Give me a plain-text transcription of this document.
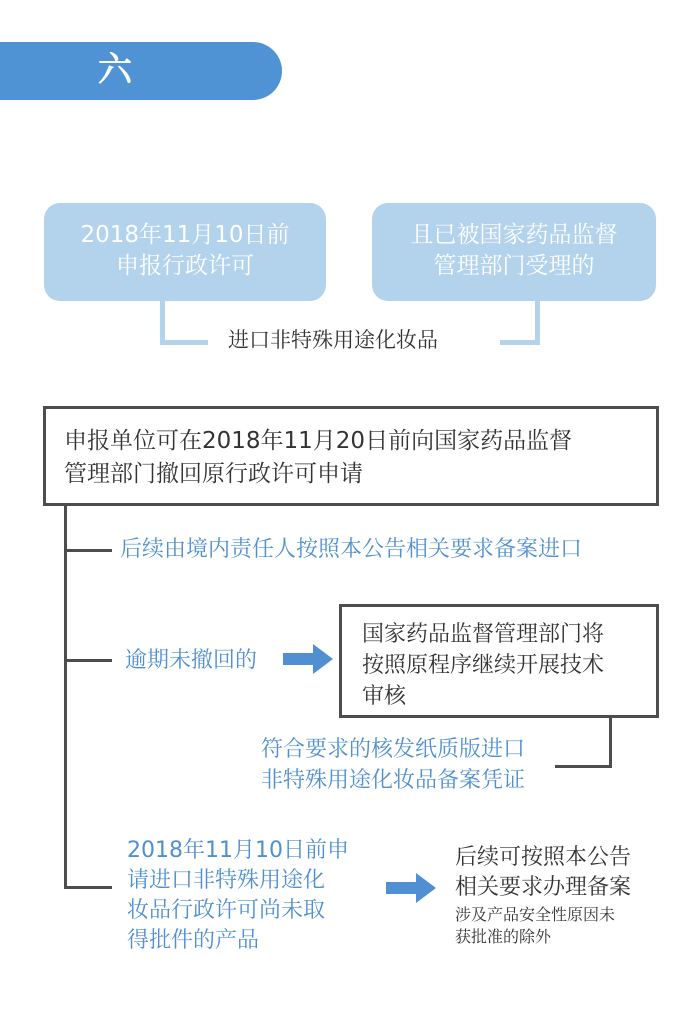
六
2018年11月10日前
申报行政许可
且已被国家药品监督
管理部门受理的
进口非特殊用途化妆品
申报单位可在2018年11月20日前向国家药品监督
管理部门撤回原行政许可申请
后续由境内责任人按照本公告相关要求备案进口
逾期未撤回的
国家药品监督管理部门将
按照原程序继续开展技术
审核
符合要求的核发纸质版进口
非特殊用途化妆品备案凭证
2018年11月10日前申
请进口非特殊用途化
妆品行政许可尚未取
得批件的产品
后续可按照本公告
相关要求办理备案
涉及产品安全性原因未
获批准的除外
